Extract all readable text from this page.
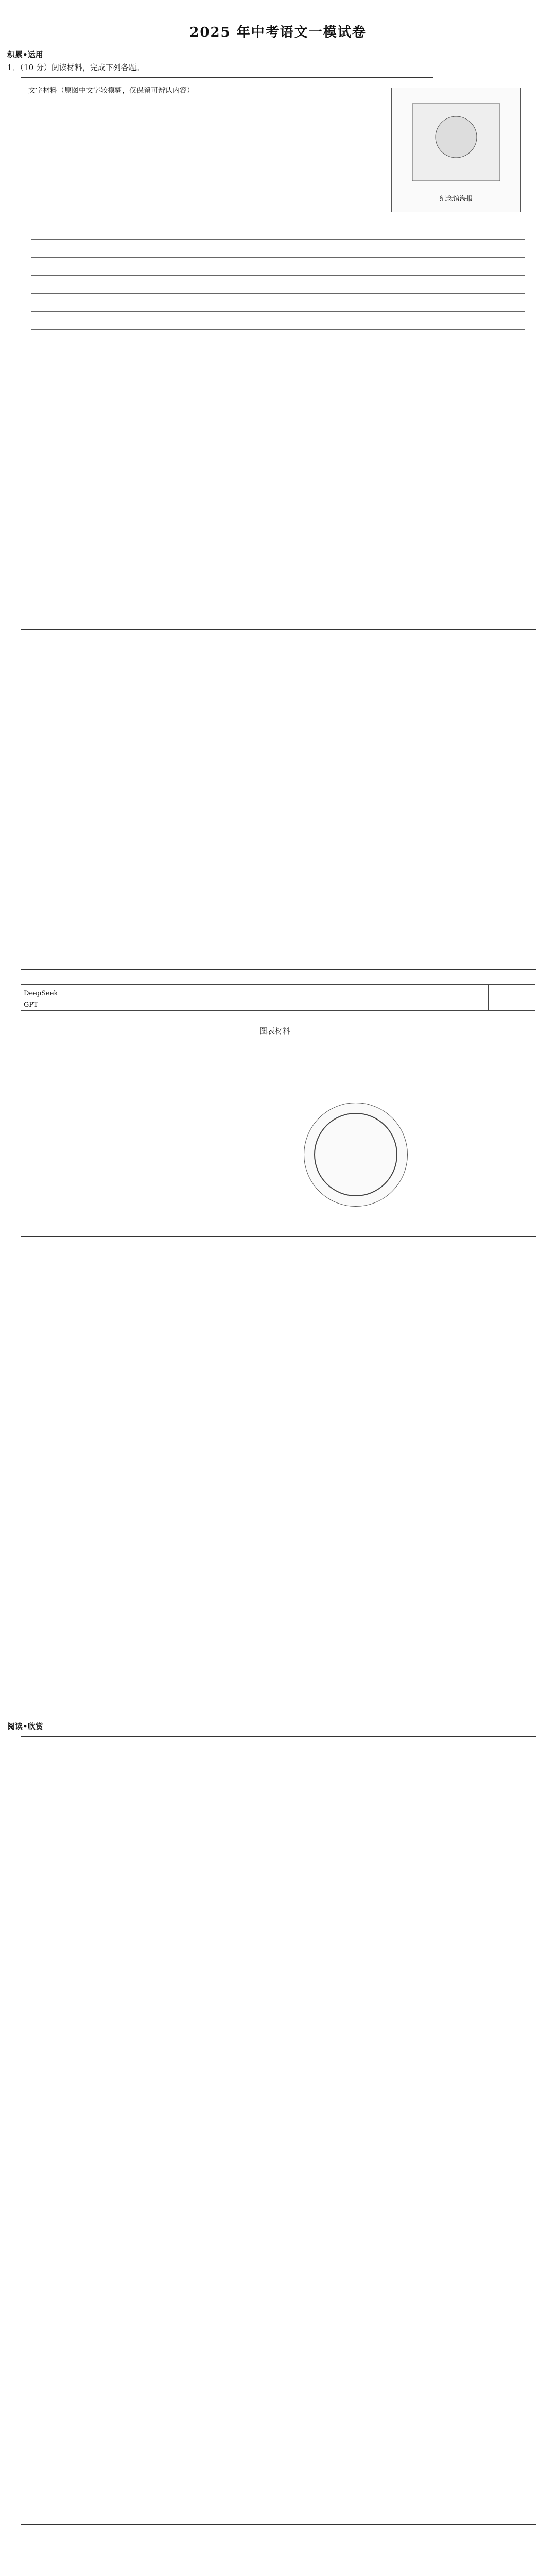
2025 年中考语文一模试卷
积累•运用
1．（10 分）阅读材料，完成下列各题。
文字材料（原图中文字较模糊，仅保留可辨认内容）
纪念馆海报

DeepSeek				
GPT				
图表材料
阅读•欣赏
